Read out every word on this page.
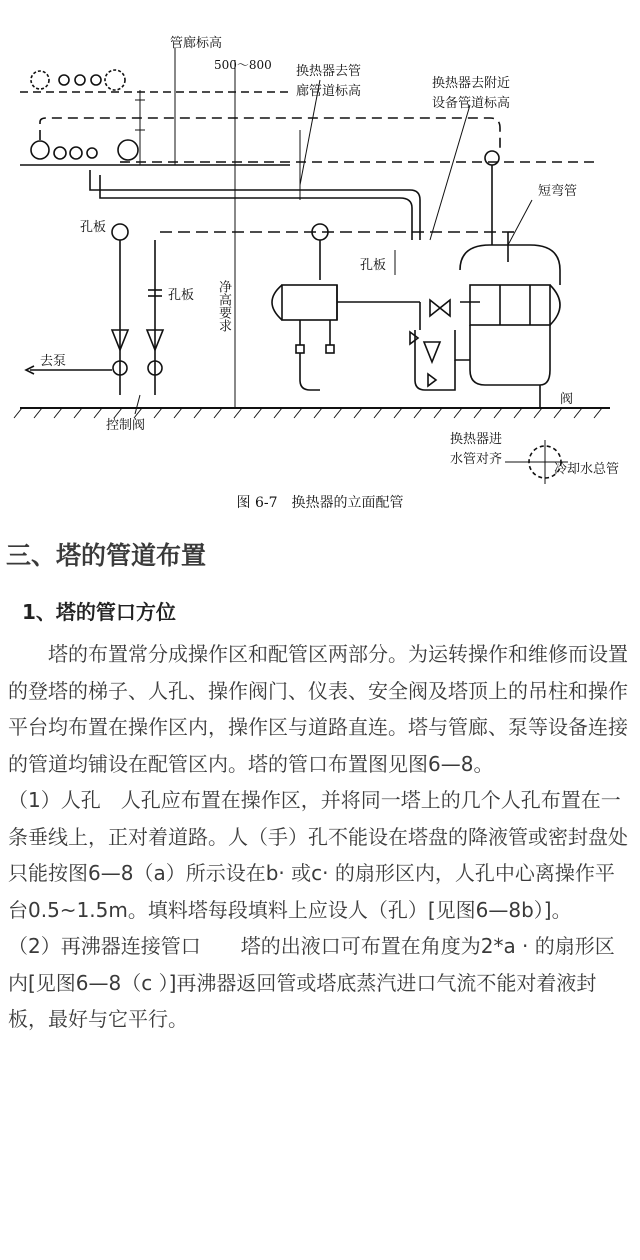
管廊标高
500～800 换热器去管
廊管道标高
换热器去附近
设备管道标高
短弯管
孔板
孔板
孔板
净高要求
去泵
控制阀
阀
换热器进
水管对齐
冷却水总管
图 6-7　换热器的立面配管
三、塔的管道布置
1、塔的管口方位

塔的布置常分成操作区和配管区两部分。为运转操作和维修而设置的登塔的梯子、人孔、操作阀门、仪表、安全阀及塔顶上的吊柱和操作平台均布置在操作区内，操作区与道路直连。塔与管廊、泵等设备连接的管道均铺设在配管区内。塔的管口布置图见图6—8。

（1）人孔　人孔应布置在操作区，并将同一塔上的几个人孔布置在一条垂线上，正对着道路。人（手）孔不能设在塔盘的降液管或密封盘处只能按图6—8（a）所示设在b· 或c· 的扇形区内，人孔中心离操作平台0.5~1.5m。填料塔每段填料上应设人（孔）[见图6—8b）]。

（2）再沸器连接管口　　塔的出液口可布置在角度为2*a · 的扇形区内[见图6—8（c ）]再沸器返回管或塔底蒸汽进口气流不能对着液封板，最好与它平行。
